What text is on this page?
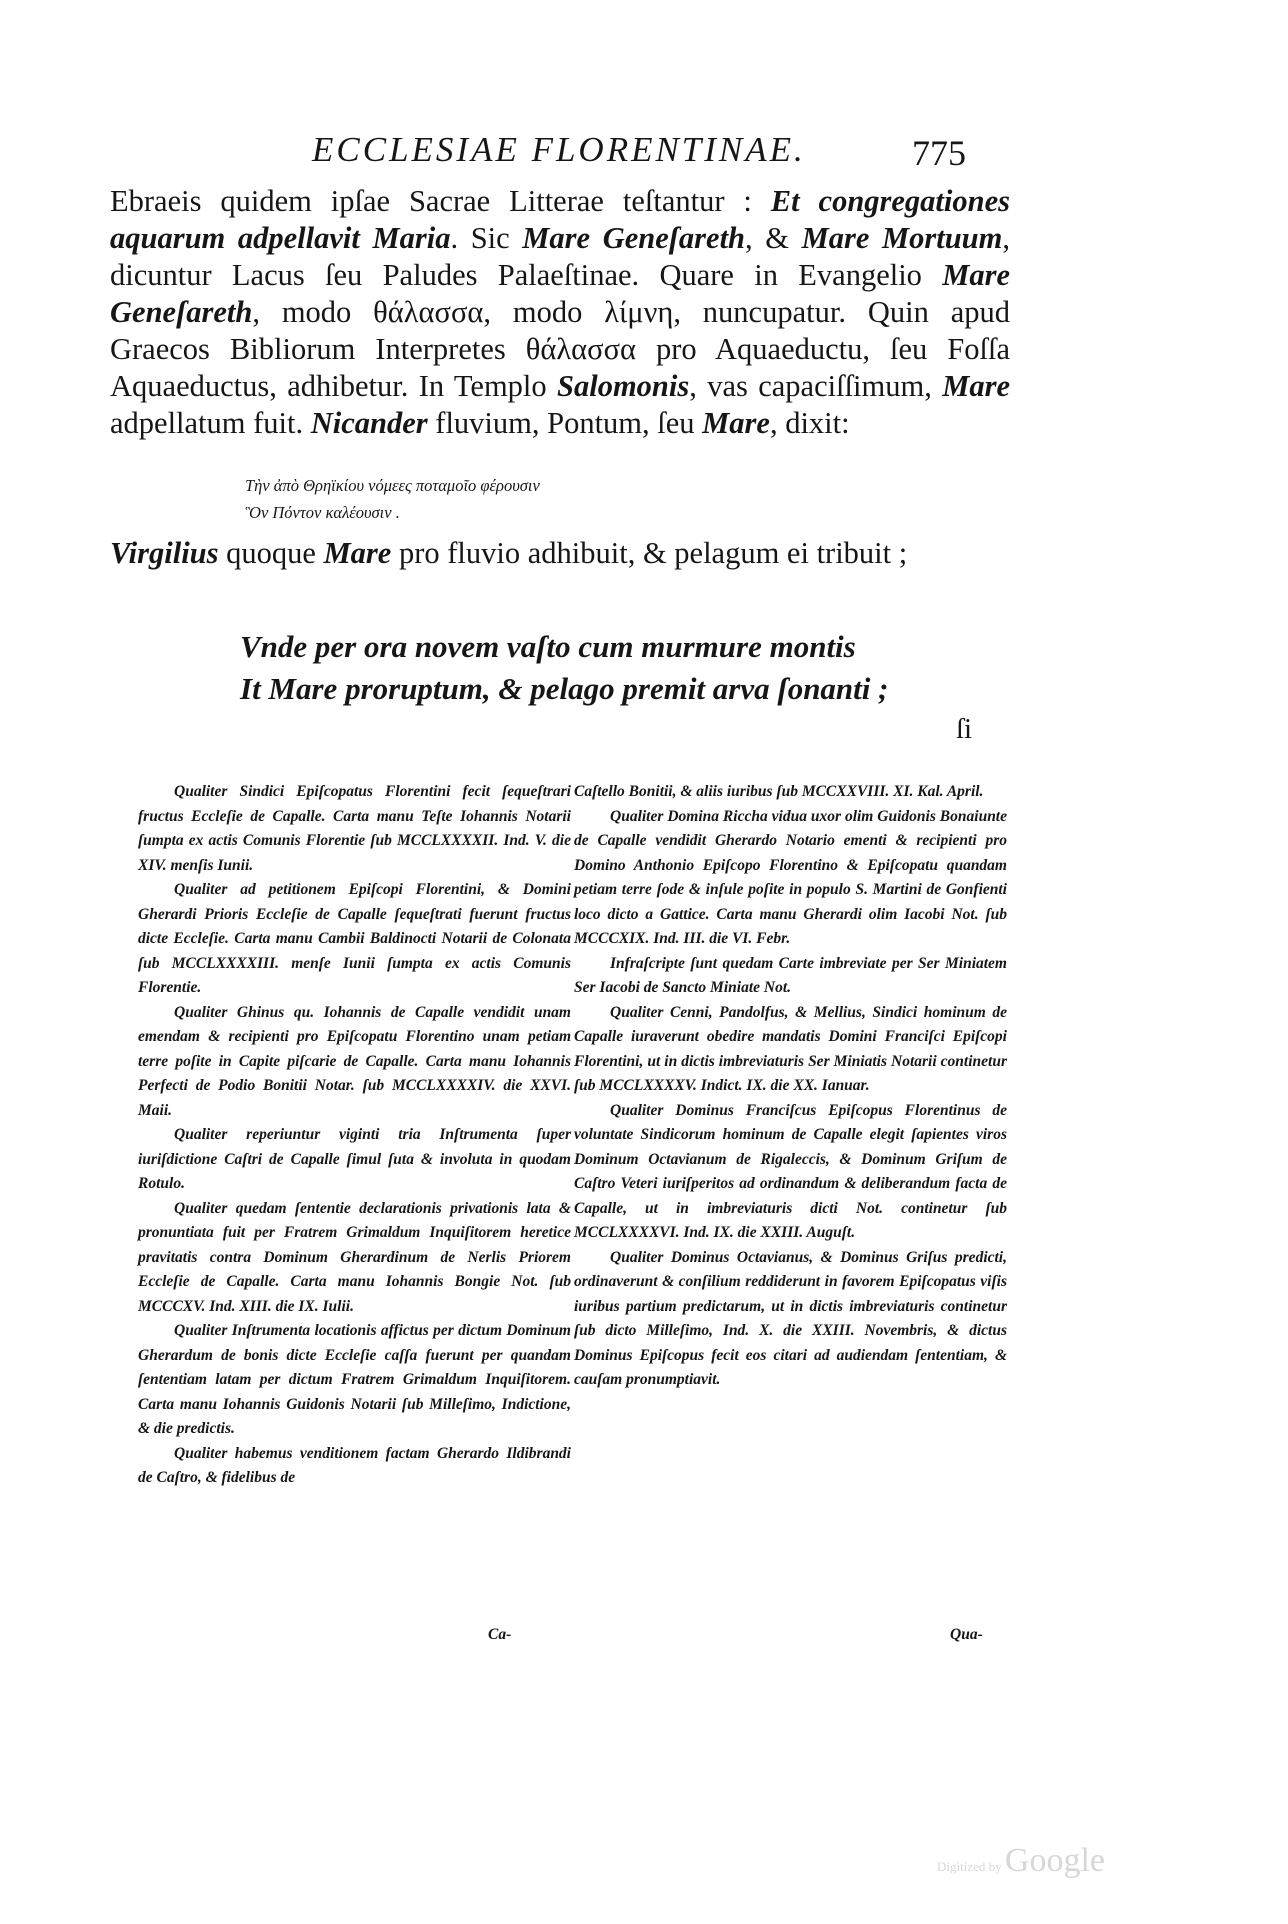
ECCLESIAE FLORENTINAE.	775

Ebraeis quidem ipſae Sacrae Litterae teſtantur : Et congregationes aquarum adpellavit Maria. Sic Mare Geneſareth, & Mare Mortuum, dicuntur Lacus ſeu Paludes Palaeſtinae. Quare in Evangelio Mare Geneſareth, modo θάλασσα, modo λίμνη, nuncupatur. Quin apud Graecos Bibliorum Interpretes θάλασσα pro Aquaeductu, ſeu Foſſa Aquaeductus, adhibetur. In Templo Salomonis, vas capaciſſimum, Mare adpellatum fuit. Nicander fluvium, Pontum, ſeu Mare, dixit:

Τὴν ἀπὸ Θρηϊκίου νόμεες ποταμοῖο φέρουσιν
Ὃν Πόντον καλέουσιν .

Virgilius quoque Mare pro fluvio adhibuit, & pelagum ei tribuit ;

Vnde per ora novem vaſto cum murmure montis
It Mare proruptum, & pelago premit arva ſonanti ;
ſi

Qualiter Sindici Epiſcopatus Florentini fecit ſequeſtrari fructus Eccleſie de Capalle. Carta manu Teſte Iohannis Notarii ſumpta ex actis Comunis Florentie ſub MCCLXXXXII. Ind. V. die XIV. menſis Iunii.

Qualiter ad petitionem Epiſcopi Florentini, & Domini Gherardi Prioris Eccleſie de Capalle ſequeſtrati fuerunt fructus dicte Eccleſie. Carta manu Cambii Baldinocti Notarii de Colonata ſub MCCLXXXXIII. menſe Iunii ſumpta ex actis Comunis Florentie.

Qualiter Ghinus qu. Iohannis de Capalle vendidit unam emendam & recipienti pro Epiſcopatu Florentino unam petiam terre poſite in Capite piſcarie de Capalle. Carta manu Iohannis Perfecti de Podio Bonitii Notar. ſub MCCLXXXXIV. die XXVI. Maii.

Qualiter reperiuntur viginti tria Inſtrumenta ſuper iuriſdictione Caſtri de Capalle ſimul ſuta & involuta in quodam Rotulo.

Qualiter quedam ſententie declarationis privationis lata & pronuntiata fuit per Fratrem Grimaldum Inquiſitorem heretice pravitatis contra Dominum Gherardinum de Nerlis Priorem Eccleſie de Capalle. Carta manu Iohannis Bongie Not. ſub MCCCXV. Ind. XIII. die IX. Iulii.

Qualiter Inſtrumenta locationis affictus per dictum Dominum Gherardum de bonis dicte Eccleſie caſſa fuerunt per quandam ſententiam latam per dictum Fratrem Grimaldum Inquiſitorem. Carta manu Iohannis Guidonis Notarii ſub Milleſimo, Indictione, & die predictis.

Qualiter habemus venditionem factam Gherardo Ildibrandi de Caſtro, & fidelibus de

Ca-

Caſtello Bonitii, & aliis iuribus ſub MCCXXVIII. XI. Kal. April.

Qualiter Domina Riccha vidua uxor olim Guidonis Bonaiunte de Capalle vendidit Gherardo Notario ementi & recipienti pro Domino Anthonio Epiſcopo Florentino & Epiſcopatu quandam petiam terre ſode & inſule poſite in populo S. Martini de Gonfienti loco dicto a Gattice. Carta manu Gherardi olim Iacobi Not. ſub MCCCXIX. Ind. III. die VI. Febr.

Infraſcripte ſunt quedam Carte imbreviate per Ser Miniatem Ser Iacobi de Sancto Miniate Not.

Qualiter Cenni, Pandolfus, & Mellius, Sindici hominum de Capalle iuraverunt obedire mandatis Domini Franciſci Epiſcopi Florentini, ut in dictis imbreviaturis Ser Miniatis Notarii continetur ſub MCCLXXXXV. Indict. IX. die XX. Ianuar.

Qualiter Dominus Franciſcus Epiſcopus Florentinus de voluntate Sindicorum hominum de Capalle elegit ſapientes viros Dominum Octavianum de Rigaleccis, & Dominum Griſum de Caſtro Veteri iuriſperitos ad ordinandum & deliberandum facta de Capalle, ut in imbreviaturis dicti Not. continetur ſub MCCLXXXXVI. Ind. IX. die XXIII. Auguſt.

Qualiter Dominus Octavianus, & Dominus Griſus predicti, ordinaverunt & conſilium reddiderunt in favorem Epiſcopatus viſis iuribus partium predictarum, ut in dictis imbreviaturis continetur ſub dicto Milleſimo, Ind. X. die XXIII. Novembris, & dictus Dominus Epiſcopus fecit eos citari ad audiendam ſententiam, & cauſam pronumptiavit.

Qua-
Digitized by Google
